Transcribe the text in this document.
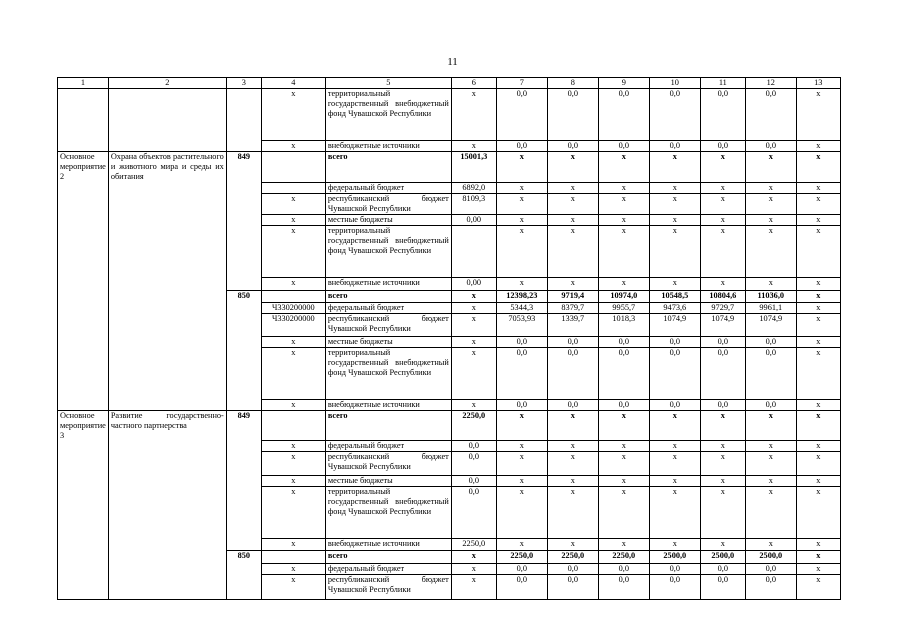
11
1	2	3	4	5	6	7	8	9	10	11	12	13
			x	территориальный государственный внебюджетный фонд Чувашской Республики	x	0,0	0,0	0,0	0,0	0,0	0,0	x
			x	внебюджетные источники	x	0,0	0,0	0,0	0,0	0,0	0,0	x
Основное мероприятие 2	Охрана объектов растительного и животного мира и среды их обитания	849		всего	15001,3	x	x	x	x	x	x	x
				федеральный бюджет	6892,0	x	x	x	x	x	x	x
			x	республиканский бюджет Чувашской Республики	8109,3	x	x	x	x	x	x	x
			x	местные бюджеты	0,00	x	x	x	x	x	x	x
			x	территориальный государственный внебюджетный фонд Чувашской Республики		x	x	x	x	x	x	x
			x	внебюджетные источники	0,00	x	x	x	x	x	x	x
		850		всего	x	12398,23	9719,4	10974,0	10548,5	10804,6	11036,0	x
			Ч330200000	федеральный бюджет	x	5344,3	8379,7	9955,7	9473,6	9729,7	9961,1	x
			Ч330200000	республиканский бюджет Чувашской Республики	x	7053,93	1339,7	1018,3	1074,9	1074,9	1074,9	x
			x	местные бюджеты	x	0,0	0,0	0,0	0,0	0,0	0,0	x
			x	территориальный государственный внебюджетный фонд Чувашской Республики	x	0,0	0,0	0,0	0,0	0,0	0,0	x
			x	внебюджетные источники	x	0,0	0,0	0,0	0,0	0,0	0,0	x
Основное мероприятие 3	Развитие государственно-частного партнерства	849		всего	2250,0	x	x	x	x	x	x	x
			x	федеральный бюджет	0,0	x	x	x	x	x	x	x
			x	республиканский бюджет Чувашской Республики	0,0	x	x	x	x	x	x	x
			x	местные бюджеты	0,0	x	x	x	x	x	x	x
			x	территориальный государственный внебюджетный фонд Чувашской Республики	0,0	x	x	x	x	x	x	x
			x	внебюджетные источники	2250,0	x	x	x	x	x	x	x
		850		всего	x	2250,0	2250,0	2250,0	2500,0	2500,0	2500,0	x
			x	федеральный бюджет	x	0,0	0,0	0,0	0,0	0,0	0,0	x
			x	республиканский бюджет Чувашской Республики	x	0,0	0,0	0,0	0,0	0,0	0,0	x
